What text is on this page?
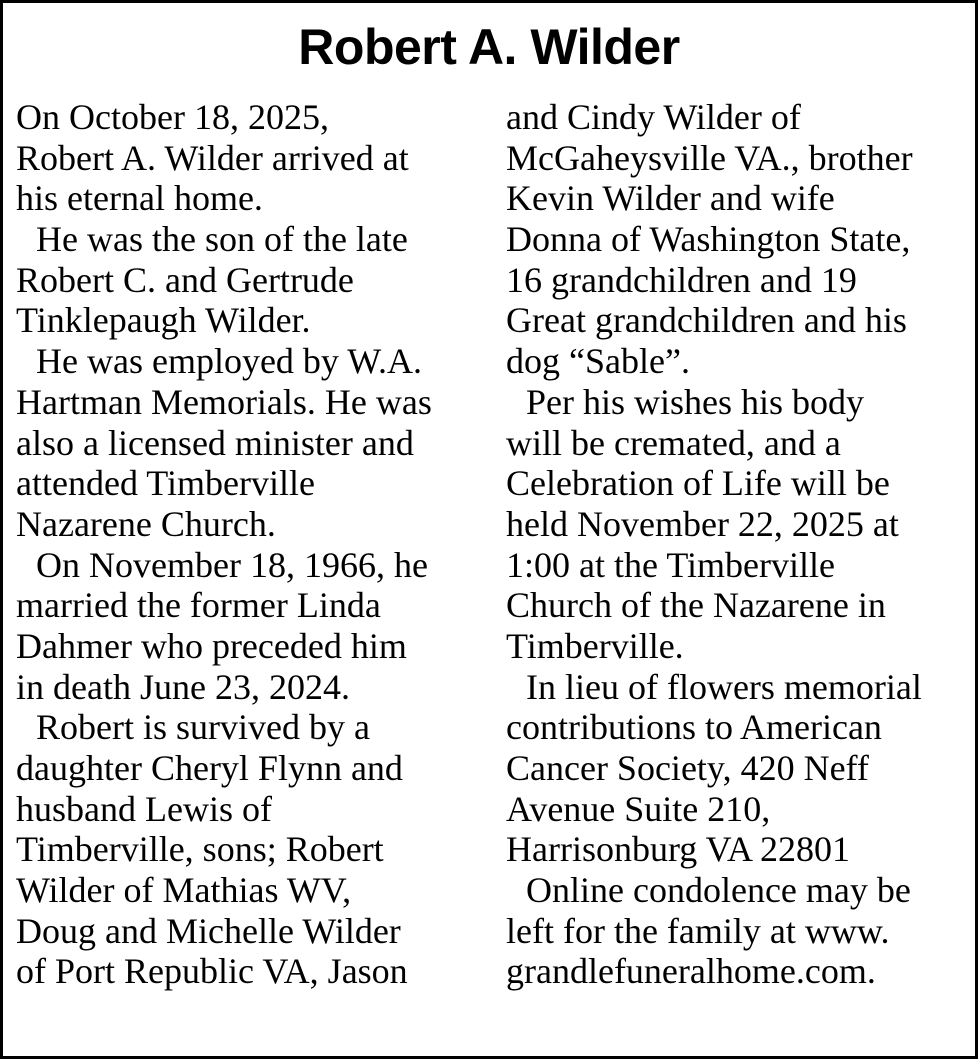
Robert A. Wilder
On October 18, 2025,
Robert A. Wilder arrived at
his eternal home.
He was the son of the late
Robert C. and Gertrude
Tinklepaugh Wilder.
He was employed by W.A.
Hartman Memorials. He was
also a licensed minister and
attended Timberville
Nazarene Church.
On November 18, 1966, he
married the former Linda
Dahmer who preceded him
in death June 23, 2024.
Robert is survived by a
daughter Cheryl Flynn and
husband Lewis of
Timberville, sons; Robert
Wilder of Mathias WV,
Doug and Michelle Wilder
of Port Republic VA, Jason
and Cindy Wilder of
McGaheysville VA., brother
Kevin Wilder and wife
Donna of Washington State,
16 grandchildren and 19
Great grandchildren and his
dog “Sable”.
Per his wishes his body
will be cremated, and a
Celebration of Life will be
held November 22, 2025 at
1:00 at the Timberville
Church of the Nazarene in
Timberville.
In lieu of flowers memorial
contributions to American
Cancer Society, 420 Neff
Avenue Suite 210,
Harrisonburg VA 22801
Online condolence may be
left for the family at www.
grandlefuneralhome.com.
